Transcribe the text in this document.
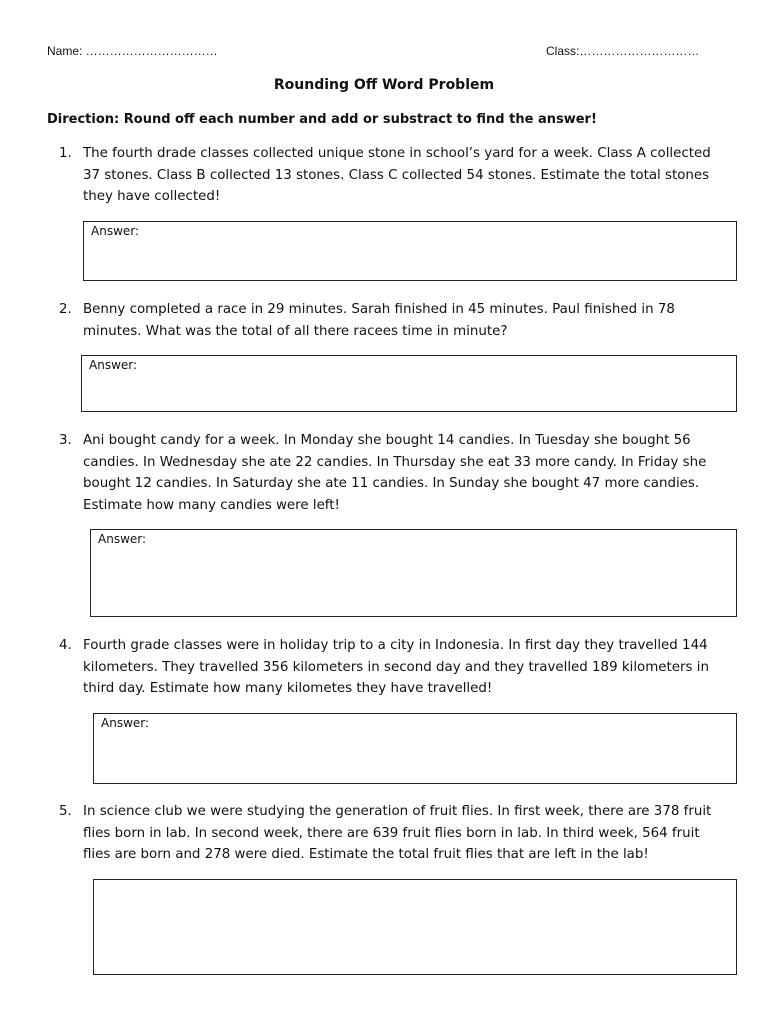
Name: ……………………………	Class:…………………………
Rounding Off Word Problem
Direction: Round off each number and add or substract to find the answer!
1. The fourth drade classes collected unique stone in school’s yard for a week. Class A collected 37 stones. Class B collected 13 stones. Class C collected 54 stones. Estimate the total stones they have collected!
Answer:
2. Benny completed a race in 29 minutes. Sarah finished in 45 minutes. Paul finished in 78 minutes. What was the total of all there racees time in minute?
Answer:
3. Ani bought candy for a week. In Monday she bought 14 candies. In Tuesday she bought 56 candies. In Wednesday she ate 22 candies. In Thursday she eat 33 more candy. In Friday she bought 12 candies. In Saturday she ate 11 candies. In Sunday she bought 47 more candies. Estimate how many candies were left!
Answer:
4. Fourth grade classes were in holiday trip to a city in Indonesia. In first day they travelled 144 kilometers. They travelled 356 kilometers in second day and they travelled 189 kilometers in third day. Estimate how many kilometes they have travelled!
Answer:
5. In science club we were studying the generation of fruit flies. In first week, there are 378 fruit flies born in lab. In second week, there are 639 fruit flies born in lab. In third week, 564 fruit flies are born and 278 were died. Estimate the total fruit flies that are left in the lab!
